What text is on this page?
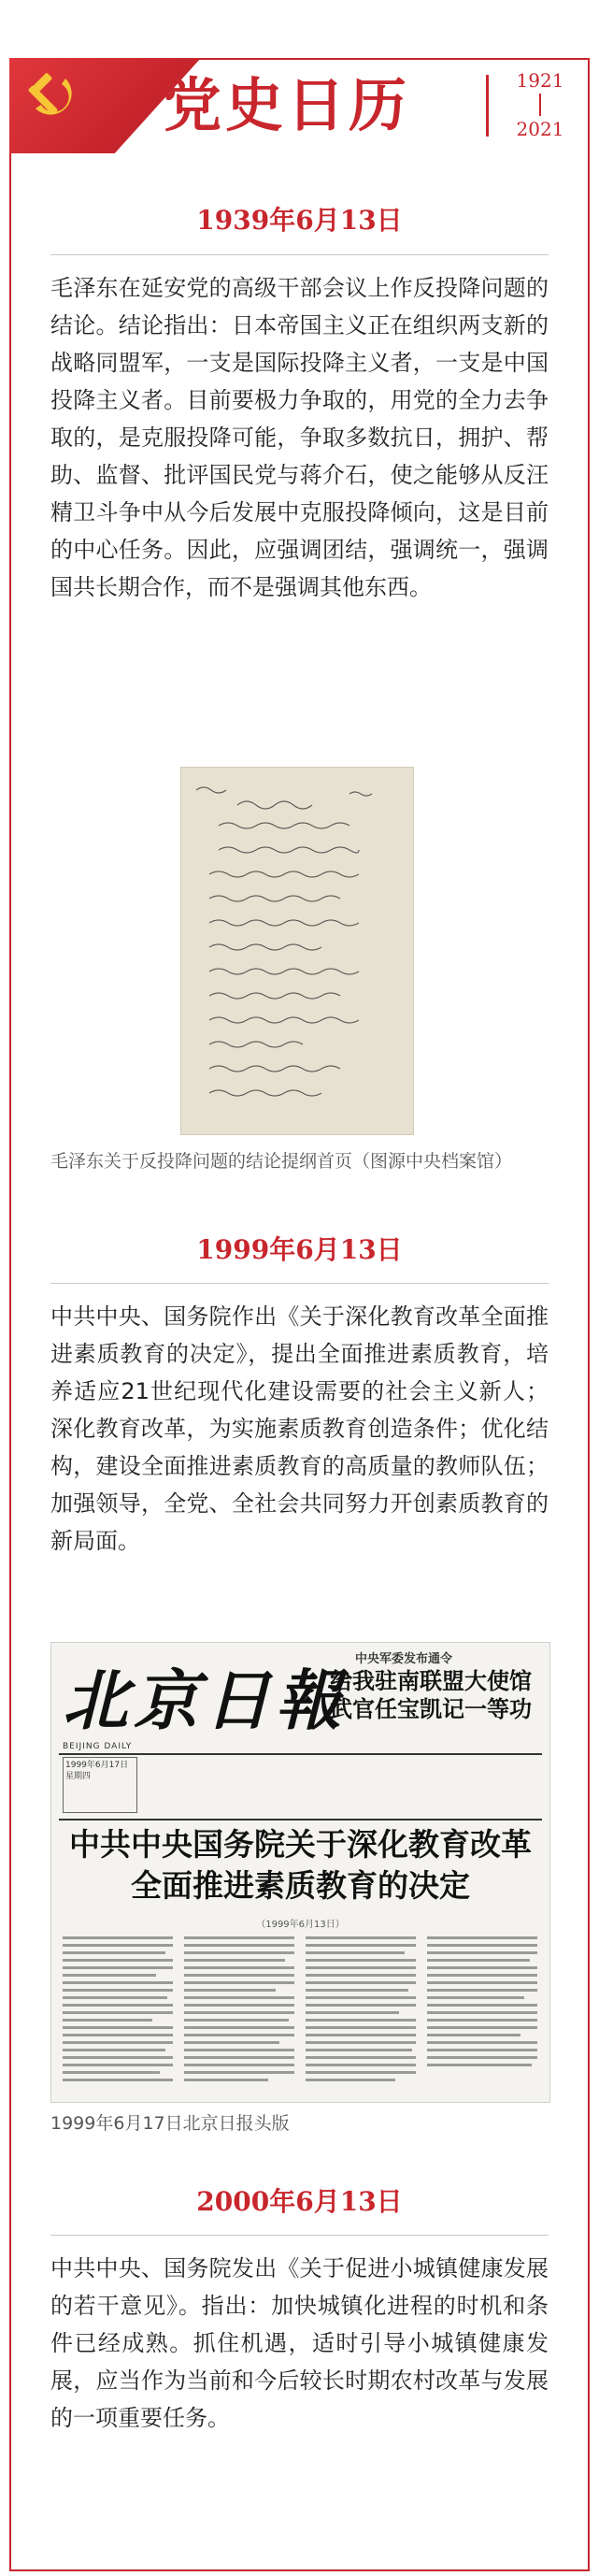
党史日历	1921
2021
1939年6月13日
毛泽东在延安党的高级干部会议上作反投降问题的结论。结论指出：日本帝国主义正在组织两支新的战略同盟军，一支是国际投降主义者，一支是中国投降主义者。目前要极力争取的，用党的全力去争取的，是克服投降可能，争取多数抗日，拥护、帮助、监督、批评国民党与蒋介石，使之能够从反汪精卫斗争中从今后发展中克服投降倾向，这是目前的中心任务。因此，应强调团结，强调统一，强调国共长期合作，而不是强调其他东西。
毛泽东关于反投降问题的结论提纲首页（图源中央档案馆）
1999年6月13日
中共中央、国务院作出《关于深化教育改革全面推进素质教育的决定》，提出全面推进素质教育，培养适应21世纪现代化建设需要的社会主义新人；深化教育改革，为实施素质教育创造条件；优化结构，建设全面推进素质教育的高质量的教师队伍；加强领导，全党、全社会共同努力开创素质教育的新局面。
北京日報
中央军委发布通令
给我驻南联盟大使馆武官任宝凯记一等功
BEIJING DAILY
1999年6月17日 星期四
中共中央国务院关于深化教育改革全面推进素质教育的决定
（1999年6月13日）
1999年6月17日北京日报头版
2000年6月13日
中共中央、国务院发出《关于促进小城镇健康发展的若干意见》。指出：加快城镇化进程的时机和条件已经成熟。抓住机遇，适时引导小城镇健康发展，应当作为当前和今后较长时期农村改革与发展的一项重要任务。
